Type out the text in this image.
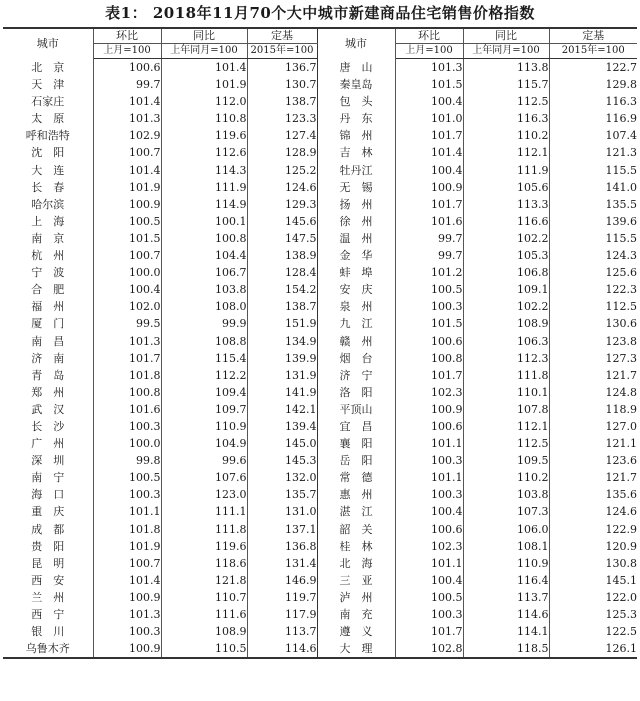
表1： 2018年11月70个大中城市新建商品住宅销售价格指数
城市	环比	同比	定基	城市	环比	同比	定基
	上月=100	上年同月=100	2015年=100		上月=100	上年同月=100	2015年=100
北　京	100.6	101.4	136.7	唐　山	101.3	113.8	122.7
天　津	99.7	101.9	130.7	秦皇岛	101.5	115.7	129.8
石家庄	101.4	112.0	138.7	包　头	100.4	112.5	116.3
太　原	101.3	110.8	123.3	丹　东	101.0	116.3	116.9
呼和浩特	102.9	119.6	127.4	锦　州	101.7	110.2	107.4
沈　阳	100.7	112.6	128.9	吉　林	101.4	112.1	121.3
大　连	101.4	114.3	125.2	牡丹江	100.4	111.9	115.5
长　春	101.9	111.9	124.6	无　锡	100.9	105.6	141.0
哈尔滨	100.9	114.9	129.3	扬　州	101.7	113.3	135.5
上　海	100.5	100.1	145.6	徐　州	101.6	116.6	139.6
南　京	101.5	100.8	147.5	温　州	99.7	102.2	115.5
杭　州	100.7	104.4	138.9	金　华	99.7	105.3	124.3
宁　波	100.0	106.7	128.4	蚌　埠	101.2	106.8	125.6
合　肥	100.4	103.8	154.2	安　庆	100.5	109.1	122.3
福　州	102.0	108.0	138.7	泉　州	100.3	102.2	112.5
厦　门	99.5	99.9	151.9	九　江	101.5	108.9	130.6
南　昌	101.3	108.8	134.9	赣　州	100.6	106.3	123.8
济　南	101.7	115.4	139.9	烟　台	100.8	112.3	127.3
青　岛	101.8	112.2	131.9	济　宁	101.7	111.8	121.7
郑　州	100.8	109.4	141.9	洛　阳	102.3	110.1	124.8
武　汉	101.6	109.7	142.1	平顶山	100.9	107.8	118.9
长　沙	100.3	110.9	139.4	宜　昌	100.6	112.1	127.0
广　州	100.0	104.9	145.0	襄　阳	101.1	112.5	121.1
深　圳	99.8	99.6	145.3	岳　阳	100.3	109.5	123.6
南　宁	100.5	107.6	132.0	常　德	101.1	110.2	121.7
海　口	100.3	123.0	135.7	惠　州	100.3	103.8	135.6
重　庆	101.1	111.1	131.0	湛　江	100.4	107.3	124.6
成　都	101.8	111.8	137.1	韶　关	100.6	106.0	122.9
贵　阳	101.9	119.6	136.8	桂　林	102.3	108.1	120.9
昆　明	100.7	118.6	131.4	北　海	101.1	110.9	130.8
西　安	101.4	121.8	146.9	三　亚	100.4	116.4	145.1
兰　州	100.9	110.7	119.7	泸　州	100.5	113.7	122.0
西　宁	101.3	111.6	117.9	南　充	100.3	114.6	125.3
银　川	100.3	108.9	113.7	遵　义	101.7	114.1	122.5
乌鲁木齐	100.9	110.5	114.6	大　理	102.8	118.5	126.1
